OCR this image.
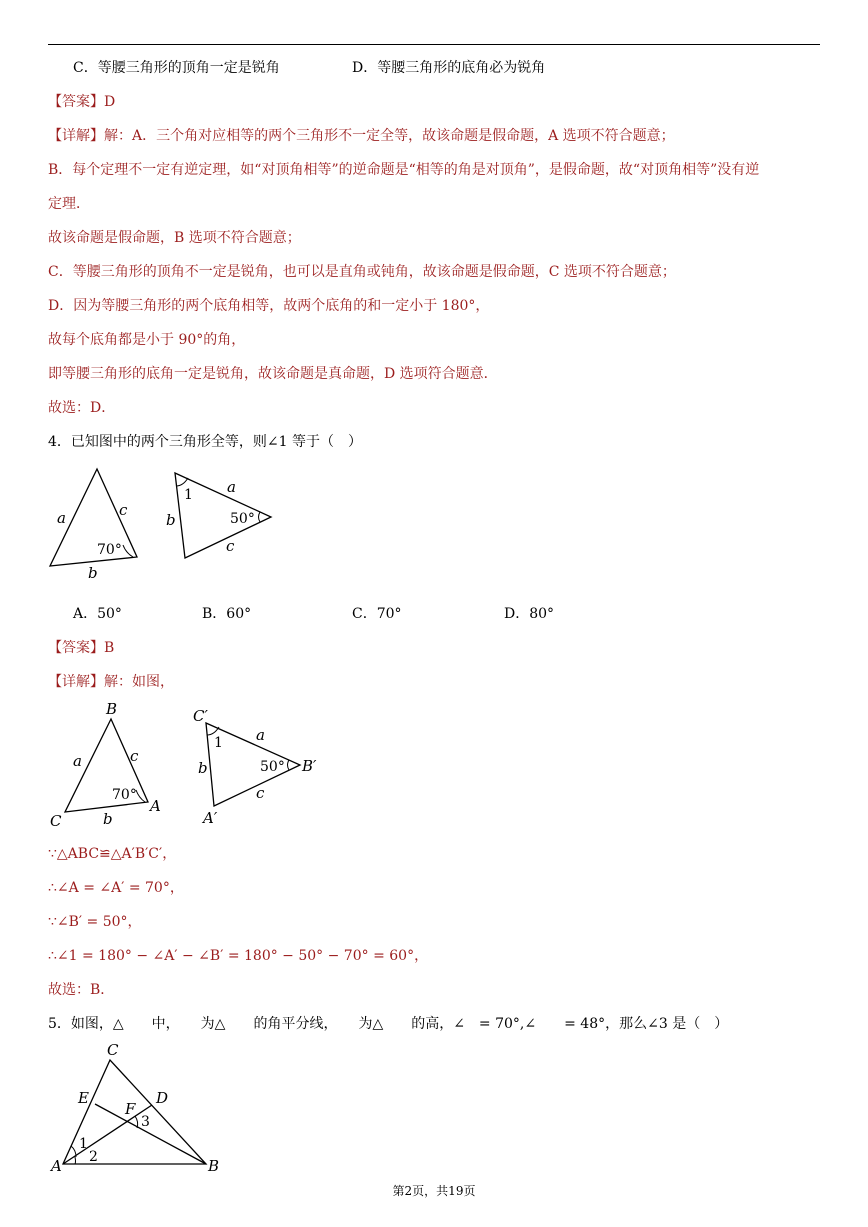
C．等腰三角形的顶角一定是锐角	D．等腰三角形的底角必为锐角
【答案】D
【详解】解：A．三个角对应相等的两个三角形不一定全等，故该命题是假命题，A 选项不符合题意；
B．每个定理不一定有逆定理，如“对顶角相等”的逆命题是“相等的角是对顶角”，是假命题，故“对顶角相等”没有逆
定理．
故该命题是假命题，B 选项不符合题意；
C．等腰三角形的顶角不一定是锐角，也可以是直角或钝角，故该命题是假命题，C 选项不符合题意；
D．因为等腰三角形的两个底角相等，故两个底角的和一定小于 180°，
故每个底角都是小于 90°的角，
即等腰三角形的底角一定是锐角，故该命题是真命题，D 选项符合题意．
故选：D．
4．已知图中的两个三角形全等，则∠1 等于（　）
a	c
b
70°
1 a
b	50°
c
A．50°	B．60°	C．70°	D．80°
【答案】B
【详解】解：如图，
B
C
A
a	c
b
70°
C′
B′
A′
1 a
b	50°
c
∵△ABC≌△A′B′C′，
∴∠A = ∠A′ = 70°，
∵∠B′ = 50°，
∴∠1 = 180° − ∠A′ − ∠B′ = 180° − 50° − 70° = 60°，
故选：B．
5．如图，△　　中，　　为△　　的角平分线，　　为△　　的高，∠　= 70°,∠　　= 48°，那么∠3 是（　）
C
E	D
F
3
1
2
A	B
第2页，共19页
